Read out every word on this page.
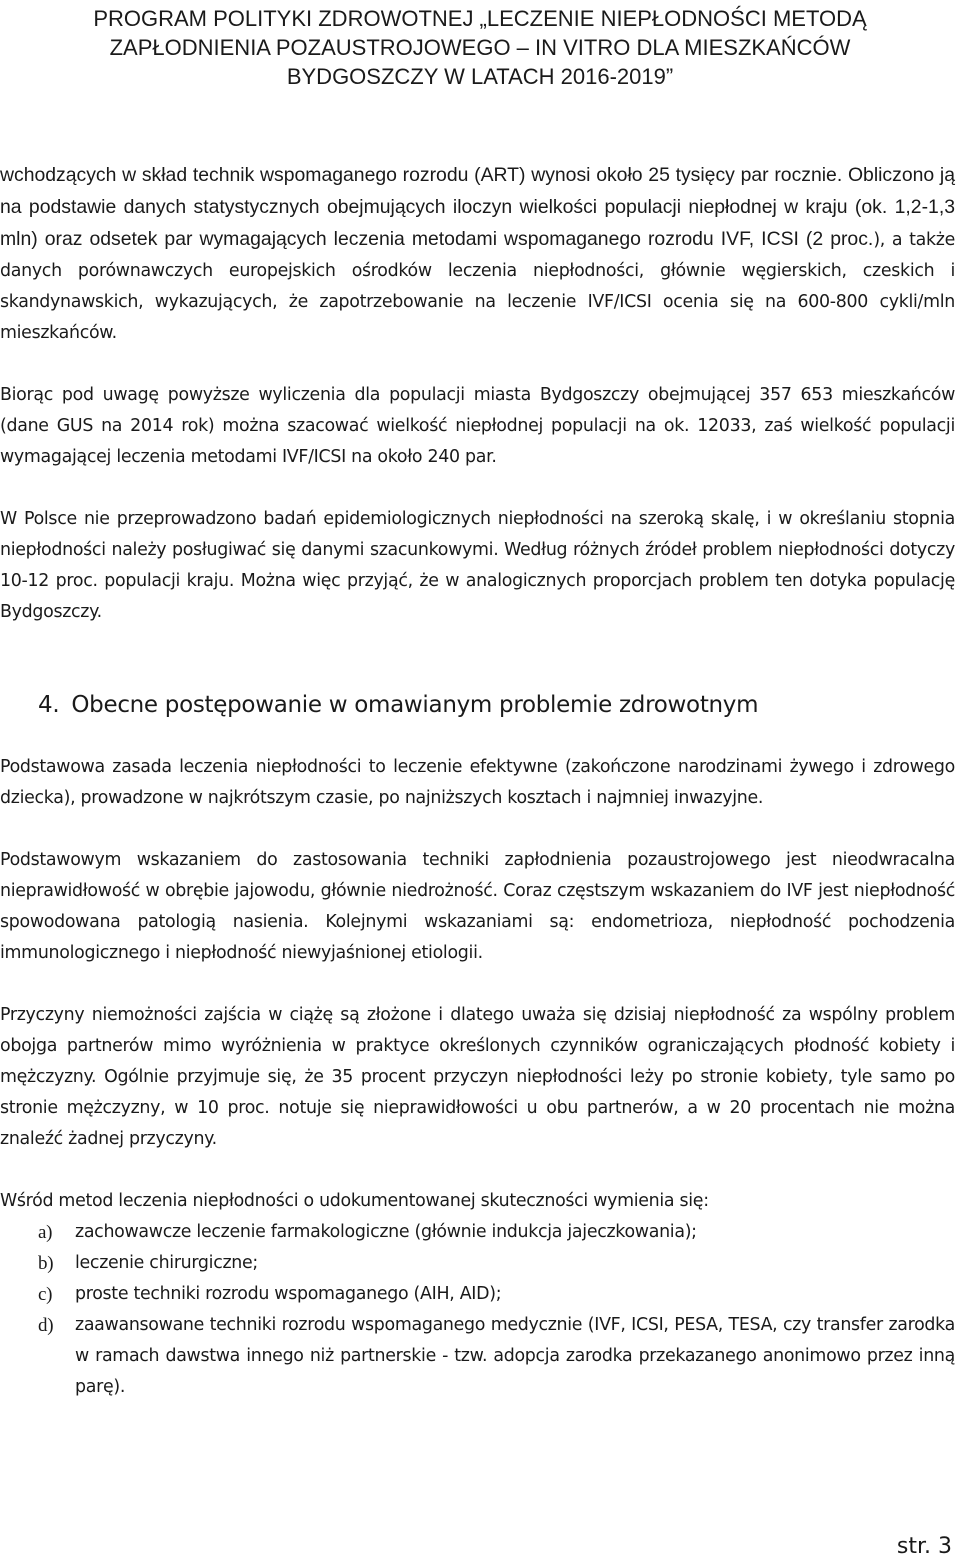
PROGRAM POLITYKI ZDROWOTNEJ „LECZENIE NIEPŁODNOŚCI METODĄ
ZAPŁODNIENIA POZAUSTROJOWEGO – IN VITRO DLA MIESZKAŃCÓW
BYDGOSZCZY W LATACH 2016-2019”

wchodzących w skład technik wspomaganego rozrodu (ART) wynosi około 25 tysięcy par rocznie. Obliczono ją na podstawie danych statystycznych obejmujących iloczyn wielkości populacji niepłodnej w kraju (ok. 1,2-1,3 mln) oraz odsetek par wymagających leczenia metodami wspomaganego rozrodu IVF, ICSI (2 proc.), a także danych porównawczych europejskich ośrodków leczenia niepłodności, głównie węgierskich, czeskich i skandynawskich, wykazujących, że zapotrzebowanie na leczenie IVF/ICSI ocenia się na 600-800 cykli/mln mieszkańców.

Biorąc pod uwagę powyższe wyliczenia dla populacji miasta Bydgoszczy obejmującej 357 653 mieszkańców (dane GUS na 2014 rok) można szacować wielkość niepłodnej populacji na ok. 12033, zaś wielkość populacji wymagającej leczenia metodami IVF/ICSI na około 240 par.

W Polsce nie przeprowadzono badań epidemiologicznych niepłodności na szeroką skalę, i w określaniu stopnia niepłodności należy posługiwać się danymi szacunkowymi. Według różnych źródeł problem niepłodności dotyczy 10-12 proc. populacji kraju. Można więc przyjąć, że w analogicznych proporcjach problem ten dotyka populację Bydgoszczy.

4. Obecne postępowanie w omawianym problemie zdrowotnym

Podstawowa zasada leczenia niepłodności to leczenie efektywne (zakończone narodzinami żywego i zdrowego dziecka), prowadzone w najkrótszym czasie, po najniższych kosztach i najmniej inwazyjne.

Podstawowym wskazaniem do zastosowania techniki zapłodnienia pozaustrojowego jest nieodwracalna nieprawidłowość w obrębie jajowodu, głównie niedrożność. Coraz częstszym wskazaniem do IVF jest niepłodność spowodowana patologią nasienia. Kolejnymi wskazaniami są: endometrioza, niepłodność pochodzenia immunologicznego i niepłodność niewyjaśnionej etiologii.

Przyczyny niemożności zajścia w ciążę są złożone i dlatego uważa się dzisiaj niepłodność za wspólny problem obojga partnerów mimo wyróżnienia w praktyce określonych czynników ograniczających płodność kobiety i mężczyzny. Ogólnie przyjmuje się, że 35 procent przyczyn niepłodności leży po stronie kobiety, tyle samo po stronie mężczyzny, w 10 proc. notuje się nieprawidłowości u obu partnerów, a w 20 procentach nie można znaleźć żadnej przyczyny.

Wśród metod leczenia niepłodności o udokumentowanej skuteczności wymienia się:

a)	zachowawcze leczenie farmakologiczne (głównie indukcja jajeczkowania);
b)	leczenie chirurgiczne;
c)	proste techniki rozrodu wspomaganego (AIH, AID);
d)	zaawansowane techniki rozrodu wspomaganego medycznie (IVF, ICSI, PESA, TESA, czy transfer zarodka w ramach dawstwa innego niż partnerskie - tzw. adopcja zarodka przekazanego anonimowo przez inną parę).
str. 3
